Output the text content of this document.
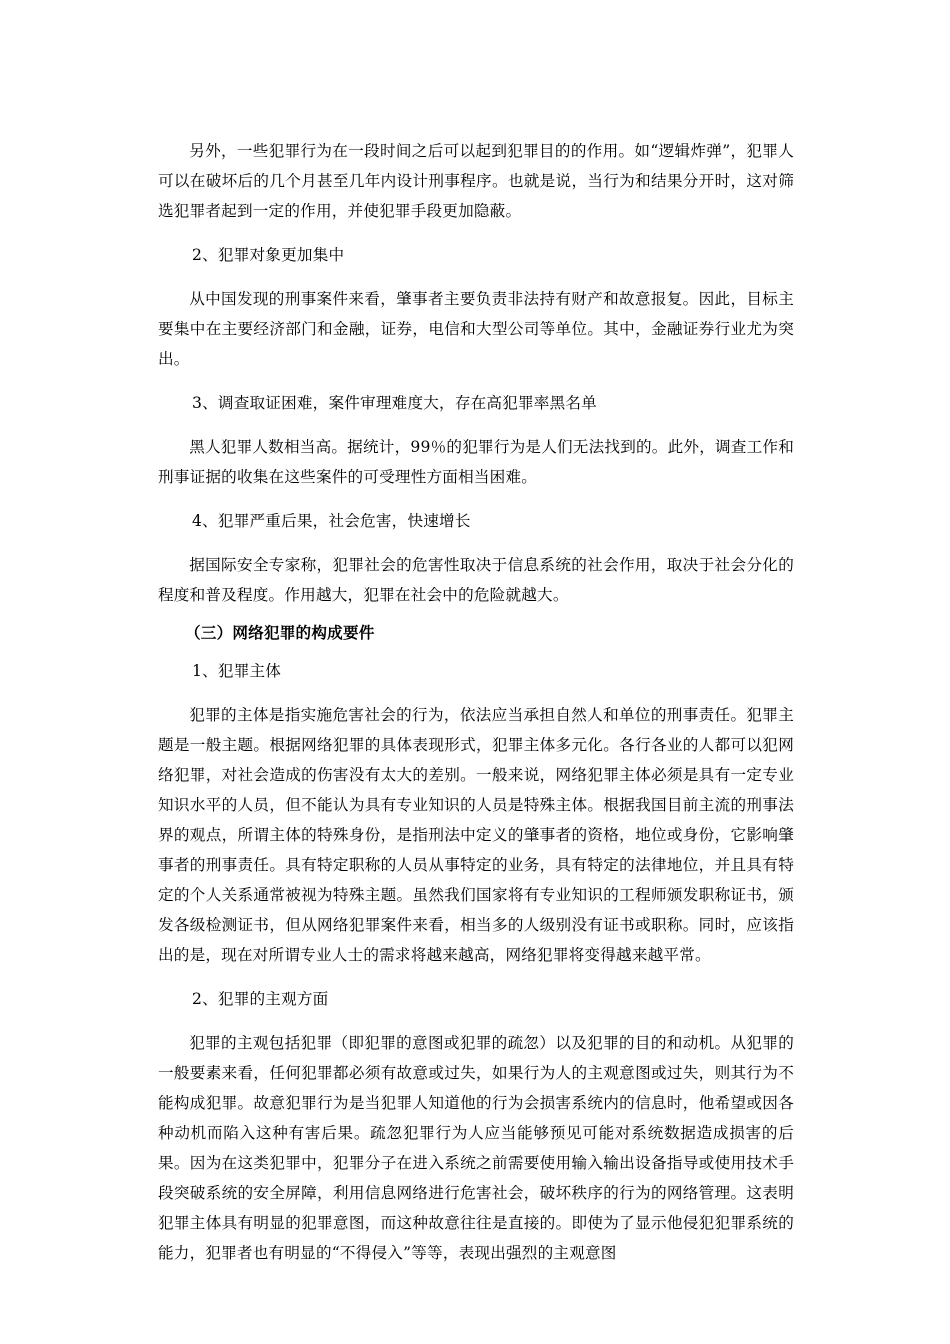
另外，一些犯罪行为在一段时间之后可以起到犯罪目的的作用。如“逻辑炸弹”，犯罪人可以在破坏后的几个月甚至几年内设计刑事程序。也就是说，当行为和结果分开时，这对筛选犯罪者起到一定的作用，并使犯罪手段更加隐蔽。

2、犯罪对象更加集中

从中国发现的刑事案件来看，肇事者主要负责非法持有财产和故意报复。因此，目标主要集中在主要经济部门和金融，证券，电信和大型公司等单位。其中，金融证券行业尤为突出。

3、调查取证困难，案件审理难度大，存在高犯罪率黑名单

黑人犯罪人数相当高。据统计，99％的犯罪行为是人们无法找到的。此外，调查工作和刑事证据的收集在这些案件的可受理性方面相当困难。

4、犯罪严重后果，社会危害，快速增长

据国际安全专家称，犯罪社会的危害性取决于信息系统的社会作用，取决于社会分化的程度和普及程度。作用越大，犯罪在社会中的危险就越大。

（三）网络犯罪的构成要件

1、犯罪主体

犯罪的主体是指实施危害社会的行为，依法应当承担自然人和单位的刑事责任。犯罪主题是一般主题。根据网络犯罪的具体表现形式，犯罪主体多元化。各行各业的人都可以犯网络犯罪，对社会造成的伤害没有太大的差别。一般来说，网络犯罪主体必须是具有一定专业知识水平的人员，但不能认为具有专业知识的人员是特殊主体。根据我国目前主流的刑事法界的观点，所谓主体的特殊身份，是指刑法中定义的肇事者的资格，地位或身份，它影响肇事者的刑事责任。具有特定职称的人员从事特定的业务，具有特定的法律地位，并且具有特定的个人关系通常被视为特殊主题。虽然我们国家将有专业知识的工程师颁发职称证书，颁发各级检测证书，但从网络犯罪案件来看，相当多的人级别没有证书或职称。同时，应该指出的是，现在对所谓专业人士的需求将越来越高，网络犯罪将变得越来越平常。

2、犯罪的主观方面

犯罪的主观包括犯罪（即犯罪的意图或犯罪的疏忽）以及犯罪的目的和动机。从犯罪的一般要素来看，任何犯罪都必须有故意或过失，如果行为人的主观意图或过失，则其行为不能构成犯罪。故意犯罪行为是当犯罪人知道他的行为会损害系统内的信息时，他希望或因各种动机而陷入这种有害后果。疏忽犯罪行为人应当能够预见可能对系统数据造成损害的后果。因为在这类犯罪中，犯罪分子在进入系统之前需要使用输入输出设备指导或使用技术手段突破系统的安全屏障，利用信息网络进行危害社会，破坏秩序的行为的网络管理。这表明犯罪主体具有明显的犯罪意图，而这种故意往往是直接的。即使为了显示他侵犯犯罪系统的能力，犯罪者也有明显的“不得侵入”等等，表现出强烈的主观意图
